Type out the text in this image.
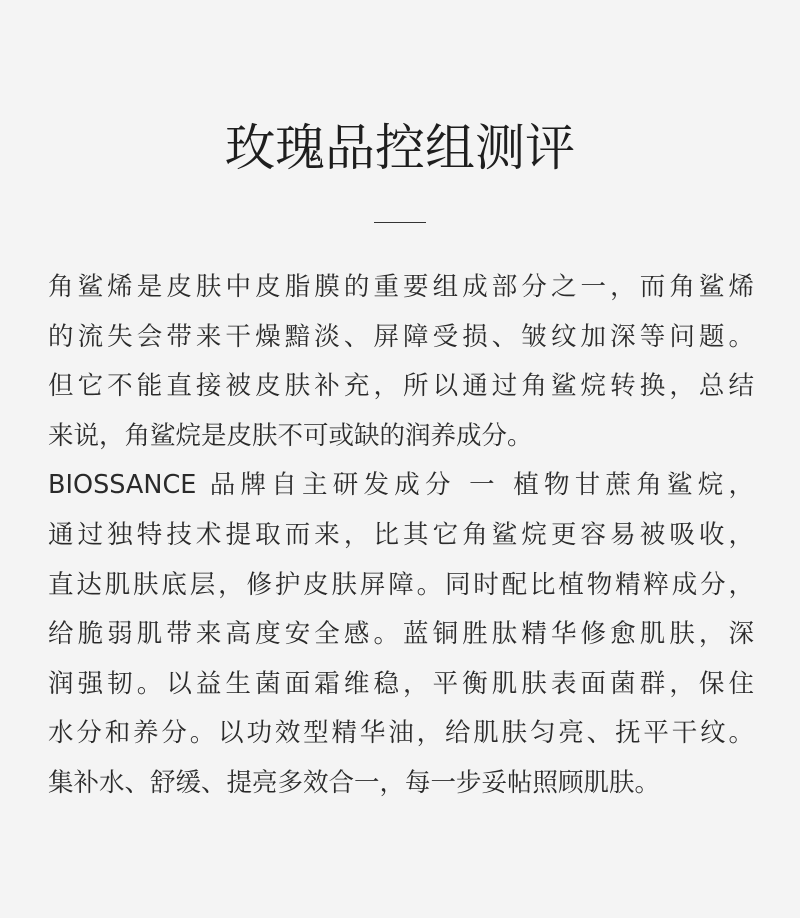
玫瑰品控组测评
角鲨烯是皮肤中皮脂膜的重要组成部分之一，而角鲨烯
的流失会带来干燥黯淡、屏障受损、皱纹加深等问题。
但它不能直接被皮肤补充，所以通过角鲨烷转换，总结
来说，角鲨烷是皮肤不可或缺的润养成分。
BIOSSANCE 品牌自主研发成分 一 植物甘蔗角鲨烷，
通过独特技术提取而来，比其它角鲨烷更容易被吸收，
直达肌肤底层，修护皮肤屏障。同时配比植物精粹成分，
给脆弱肌带来高度安全感。蓝铜胜肽精华修愈肌肤，深
润强韧。以益生菌面霜维稳，平衡肌肤表面菌群，保住
水分和养分。以功效型精华油，给肌肤匀亮、抚平干纹。
集补水、舒缓、提亮多效合一，每一步妥帖照顾肌肤。
